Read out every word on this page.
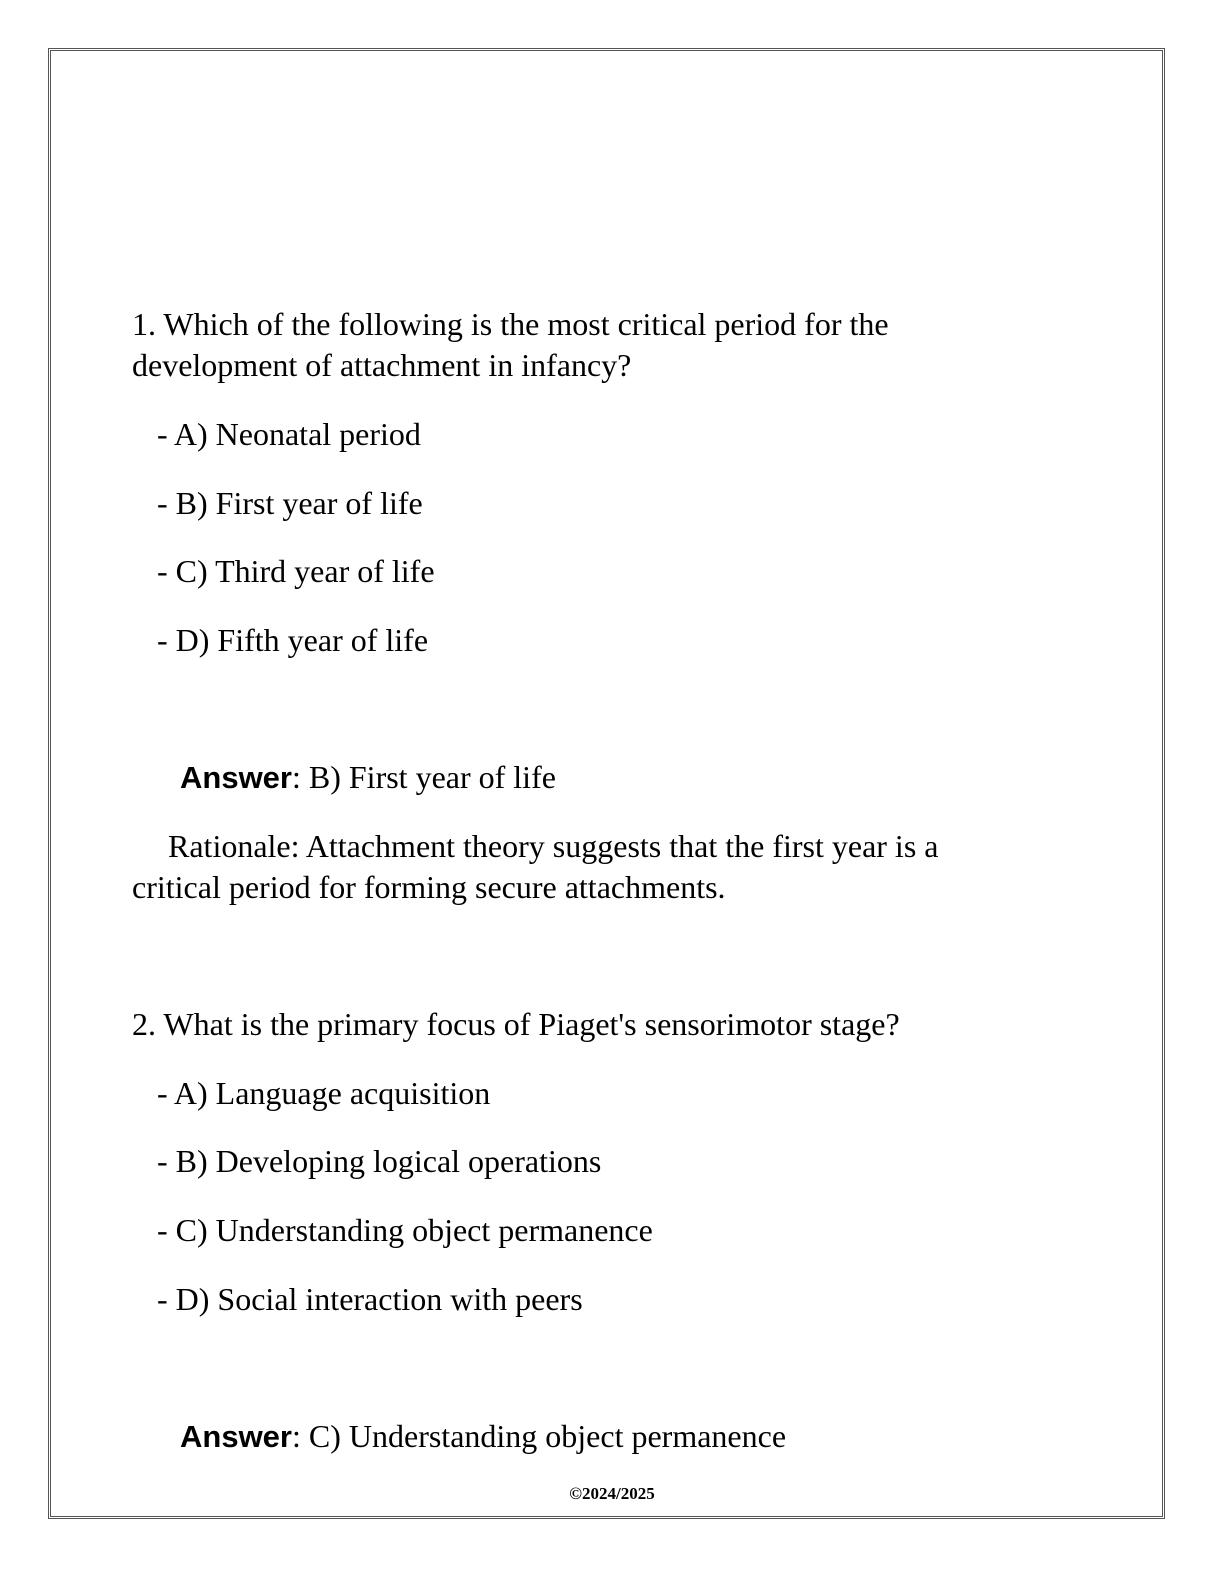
1. Which of the following is the most critical period for the
development of attachment in infancy?
- A) Neonatal period
- B) First year of life
- C) Third year of life
- D) Fifth year of life
Answer: B) First year of life
Rationale: Attachment theory suggests that the first year is a
critical period for forming secure attachments.
2. What is the primary focus of Piaget's sensorimotor stage?
- A) Language acquisition
- B) Developing logical operations
- C) Understanding object permanence
- D) Social interaction with peers
Answer: C) Understanding object permanence
©2024/2025
